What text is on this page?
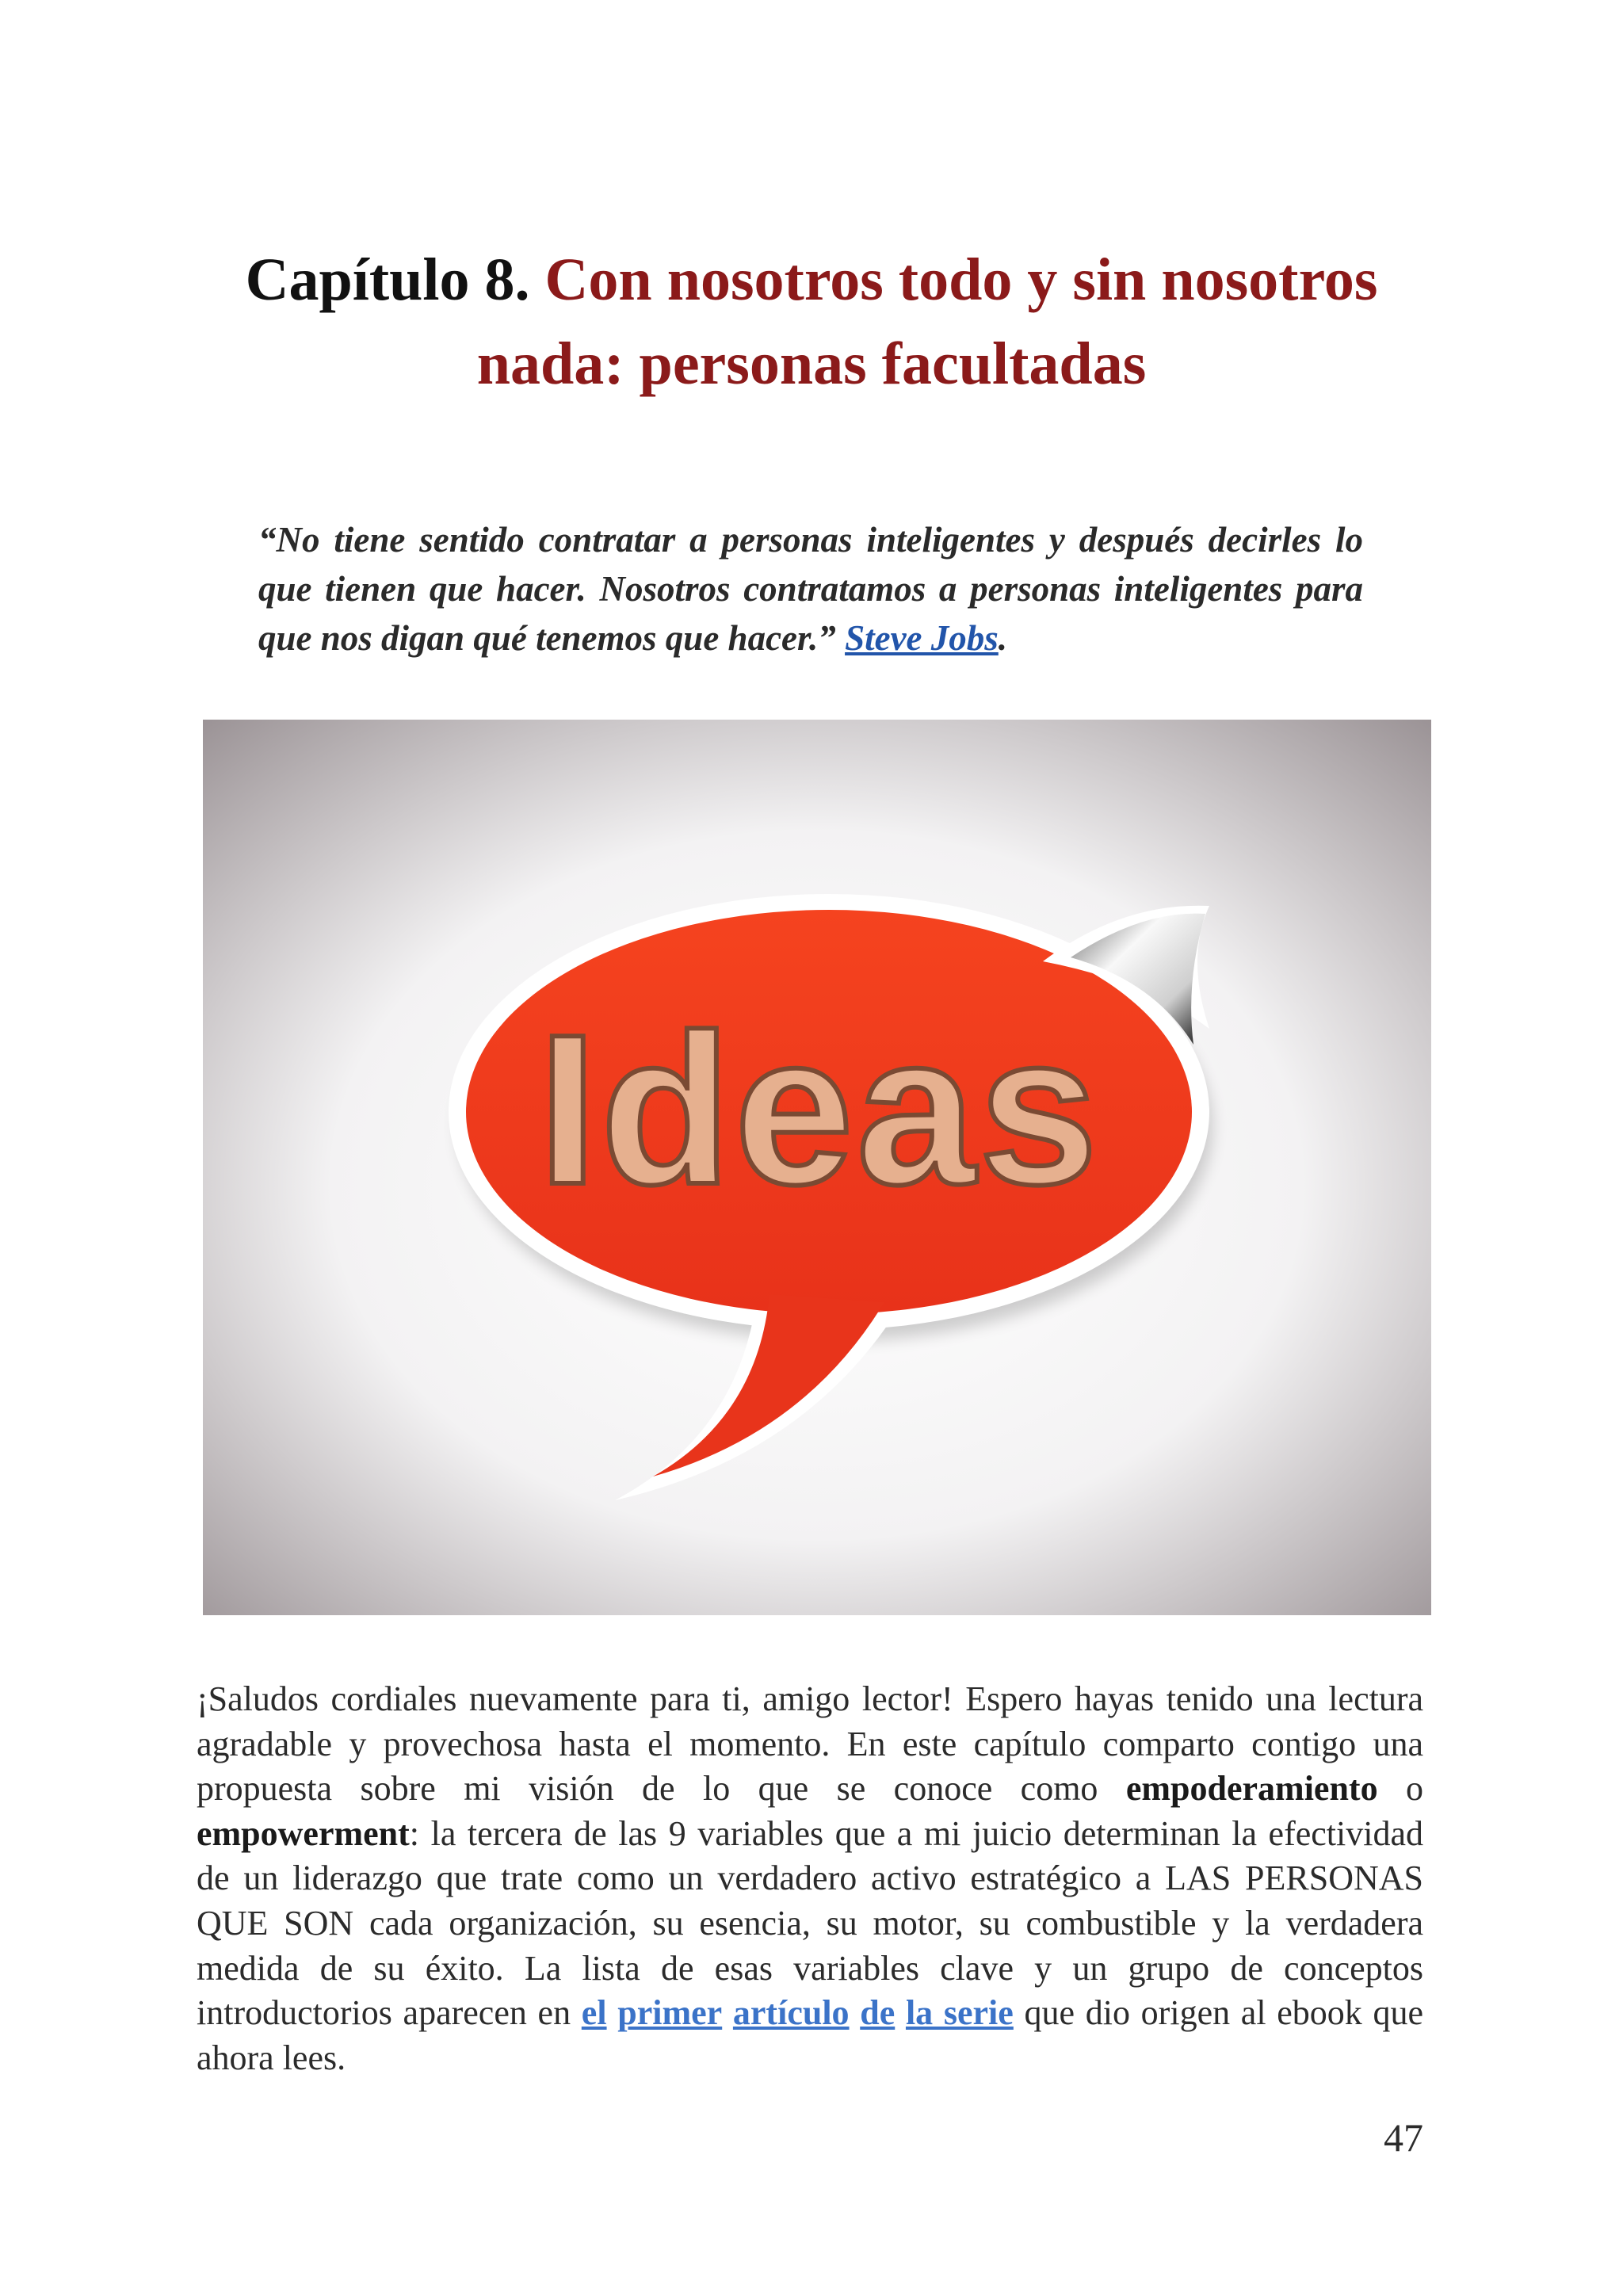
Capítulo 8. Con nosotros todo y sin nosotros
nada: personas facultadas

“No tiene sentido contratar a personas inteligentes y después decirles lo que tienen que hacer. Nosotros contratamos a personas inteligentes para que nos digan qué tenemos que hacer.” Steve Jobs.

Ideas

¡Saludos cordiales nuevamente para ti, amigo lector! Espero hayas tenido una lectura agradable y provechosa hasta el momento. En este capítulo comparto contigo una propuesta sobre mi visión de lo que se conoce como empoderamiento o empowerment: la tercera de las 9 variables que a mi juicio determinan la efectividad de un liderazgo que trate como un verdadero activo estratégico a LAS PERSONAS QUE SON cada organización, su esencia, su motor, su combustible y la verdadera medida de su éxito. La lista de esas variables clave y un grupo de conceptos introductorios aparecen en el primer artículo de la serie que dio origen al ebook que ahora lees.

47
